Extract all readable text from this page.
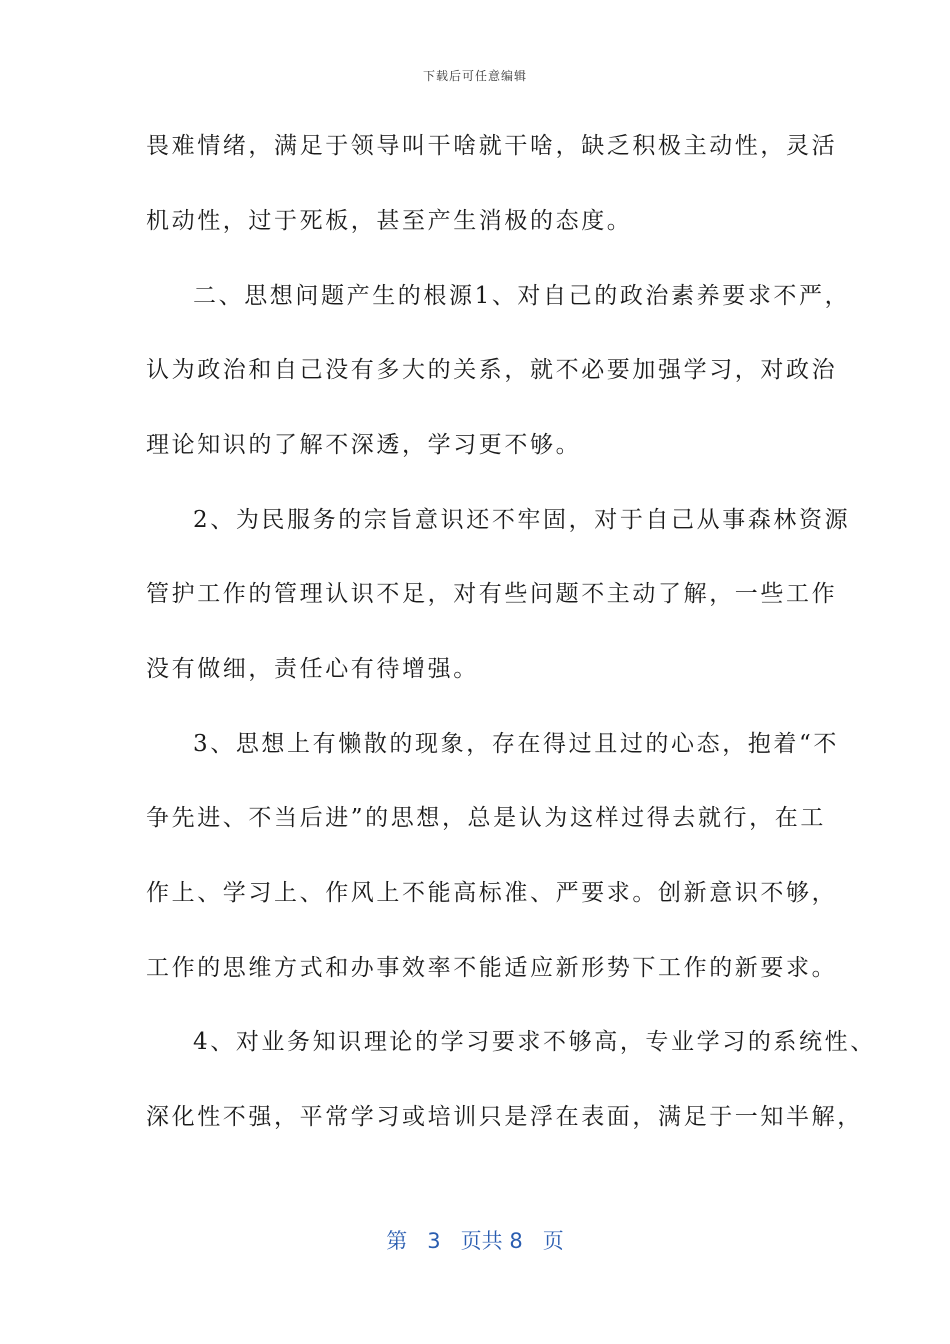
下载后可任意编辑
畏难情绪，满足于领导叫干啥就干啥，缺乏积极主动性，灵活
机动性，过于死板，甚至产生消极的态度。
二、思想问题产生的根源1、对自己的政治素养要求不严，
认为政治和自己没有多大的关系，就不必要加强学习，对政治
理论知识的了解不深透，学习更不够。
2、为民服务的宗旨意识还不牢固，对于自己从事森林资源
管护工作的管理认识不足，对有些问题不主动了解，一些工作
没有做细，责任心有待增强。
3、思想上有懒散的现象，存在得过且过的心态，抱着“不
争先进、不当后进”的思想，总是认为这样过得去就行，在工
作上、学习上、作风上不能高标准、严要求。创新意识不够，
工作的思维方式和办事效率不能适应新形势下工作的新要求。
4、对业务知识理论的学习要求不够高，专业学习的系统性、
深化性不强，平常学习或培训只是浮在表面，满足于一知半解，
第 3 页共 8 页
